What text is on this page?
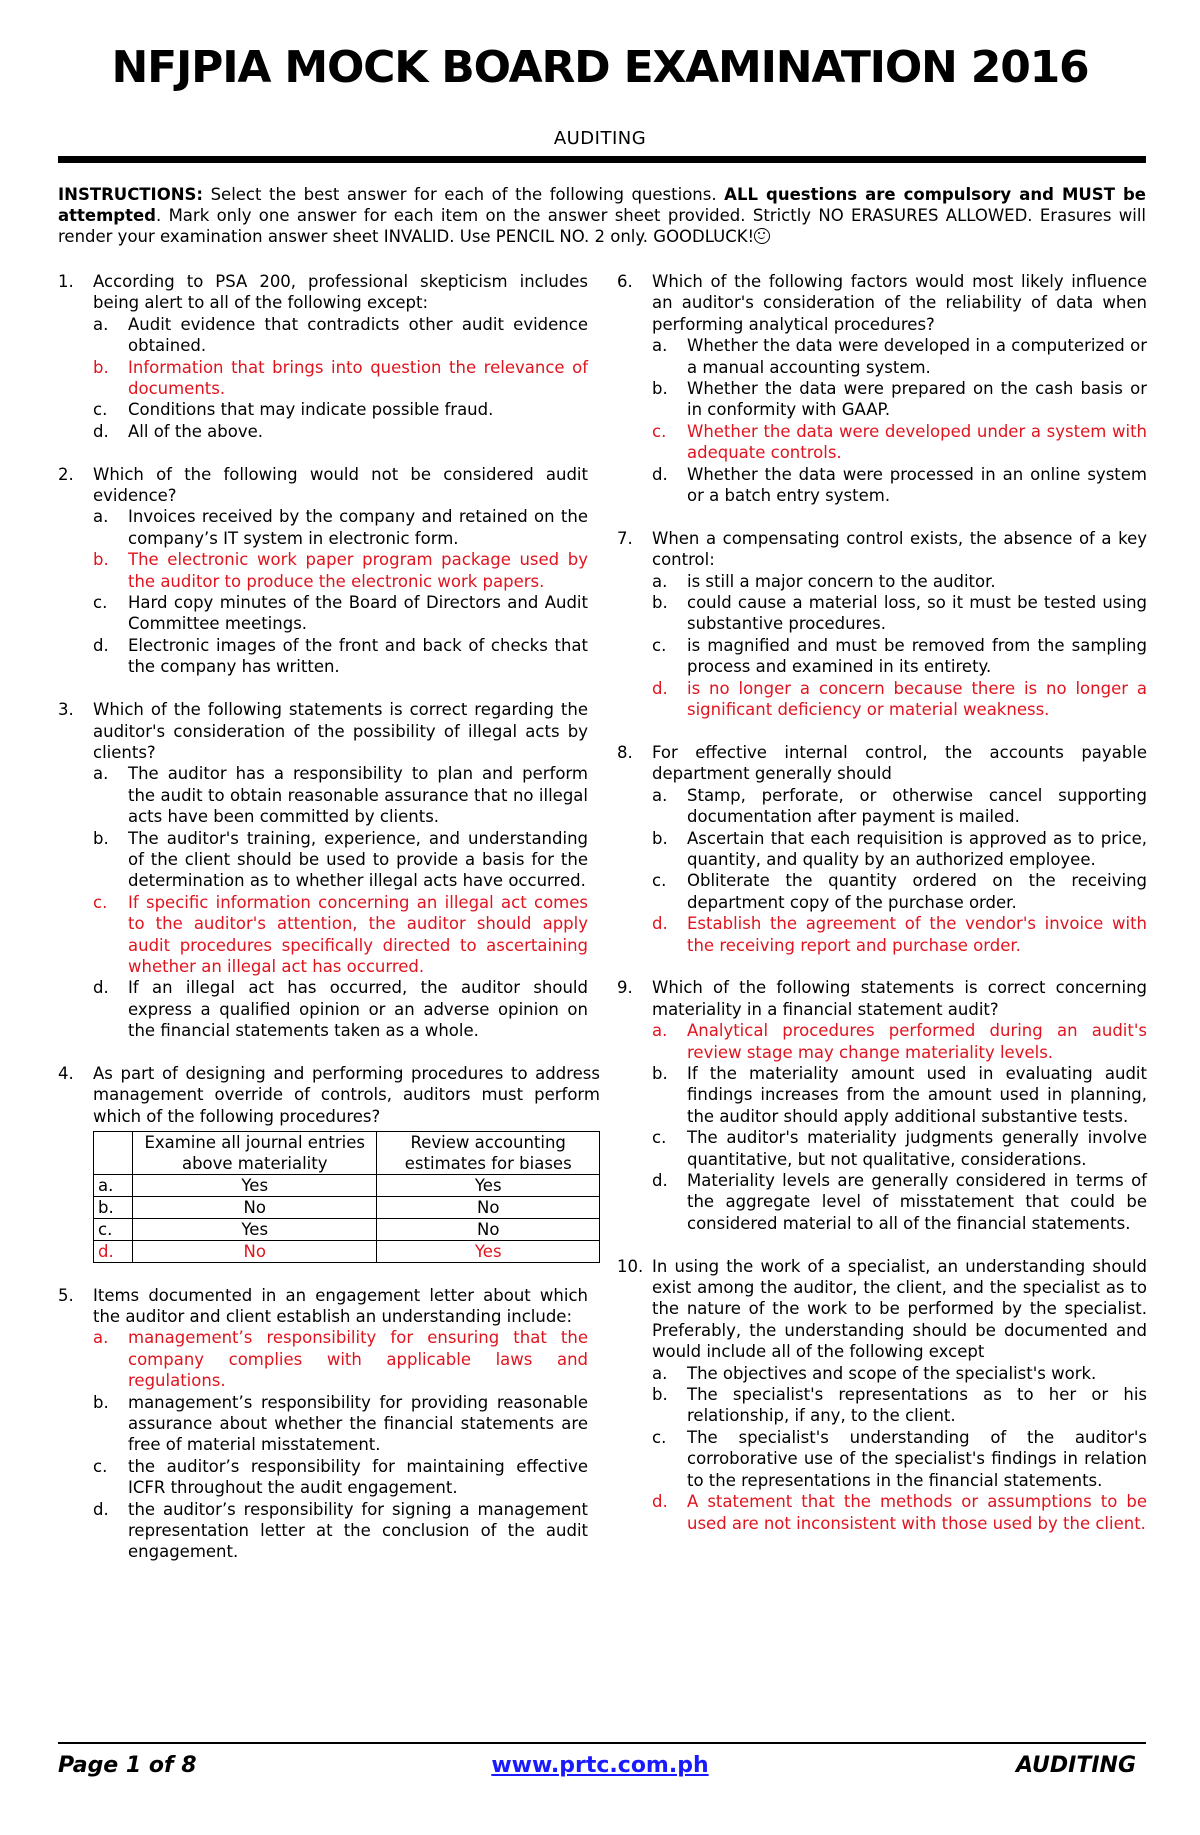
NFJPIA MOCK BOARD EXAMINATION 2016
AUDITING
INSTRUCTIONS: Select the best answer for each of the following questions. ALL questions are compulsory and MUST be attempted. Mark only one answer for each item on the answer sheet provided. Strictly NO ERASURES ALLOWED. Erasures will render your examination answer sheet INVALID. Use PENCIL NO. 2 only. GOODLUCK!
1.	According to PSA 200, professional skepticism includes being alert to all of the following except:
a.	Audit evidence that contradicts other audit evidence obtained.
b.	Information that brings into question the relevance of documents.
c.	Conditions that may indicate possible fraud.
d.	All of the above.
2.	Which of the following would not be considered audit evidence?
a.	Invoices received by the company and retained on the company’s IT system in electronic form.
b.	The electronic work paper program package used by the auditor to produce the electronic work papers.
c.	Hard copy minutes of the Board of Directors and Audit Committee meetings.
d.	Electronic images of the front and back of checks that the company has written.
3.	Which of the following statements is correct regarding the auditor's consideration of the possibility of illegal acts by clients?
a.	The auditor has a responsibility to plan and perform the audit to obtain reasonable assurance that no illegal acts have been committed by clients.
b.	The auditor's training, experience, and understanding of the client should be used to provide a basis for the determination as to whether illegal acts have occurred.
c.	If specific information concerning an illegal act comes to the auditor's attention, the auditor should apply audit procedures specifically directed to ascertaining whether an illegal act has occurred.
d.	If an illegal act has occurred, the auditor should express a qualified opinion or an adverse opinion on the financial statements taken as a whole.
4.	As part of designing and performing procedures to address management override of controls, auditors must perform which of the following procedures?
	Examine all journal entries above materiality	Review accounting estimates for biases
a.	Yes	Yes
b.	No	No
c.	Yes	No
d.	No	Yes
5.	Items documented in an engagement letter about which the auditor and client establish an understanding include:
a.	management’s responsibility for ensuring that the company complies with applicable laws and regulations.
b.	management’s responsibility for providing reasonable assurance about whether the financial statements are free of material misstatement.
c.	the auditor’s responsibility for maintaining effective ICFR throughout the audit engagement.
d.	the auditor’s responsibility for signing a management representation letter at the conclusion of the audit engagement.
6.	Which of the following factors would most likely influence an auditor's consideration of the reliability of data when performing analytical procedures?
a.	Whether the data were developed in a computerized or a manual accounting system.
b.	Whether the data were prepared on the cash basis or in conformity with GAAP.
c.	Whether the data were developed under a system with adequate controls.
d.	Whether the data were processed in an online system or a batch entry system.
7.	When a compensating control exists, the absence of a key control:
a.	is still a major concern to the auditor.
b.	could cause a material loss, so it must be tested using substantive procedures.
c.	is magnified and must be removed from the sampling process and examined in its entirety.
d.	is no longer a concern because there is no longer a significant deficiency or material weakness.
8.	For effective internal control, the accounts payable department generally should
a.	Stamp, perforate, or otherwise cancel supporting documentation after payment is mailed.
b.	Ascertain that each requisition is approved as to price, quantity, and quality by an authorized employee.
c.	Obliterate the quantity ordered on the receiving department copy of the purchase order.
d.	Establish the agreement of the vendor's invoice with the receiving report and purchase order.
9.	Which of the following statements is correct concerning materiality in a financial statement audit?
a.	Analytical procedures performed during an audit's review stage may change materiality levels.
b.	If the materiality amount used in evaluating audit findings increases from the amount used in planning, the auditor should apply additional substantive tests.
c.	The auditor's materiality judgments generally involve quantitative, but not qualitative, considerations.
d.	Materiality levels are generally considered in terms of the aggregate level of misstatement that could be considered material to all of the financial statements.
10. In using the work of a specialist, an understanding should exist among the auditor, the client, and the specialist as to the nature of the work to be performed by the specialist. Preferably, the understanding should be documented and would include all of the following except
a.	The objectives and scope of the specialist's work.
b.	The specialist's representations as to her or his relationship, if any, to the client.
c.	The specialist's understanding of the auditor's corroborative use of the specialist's findings in relation to the representations in the financial statements.
d.	A statement that the methods or assumptions to be used are not inconsistent with those used by the client.
Page 1 of 8	www.prtc.com.ph	AUDITING
